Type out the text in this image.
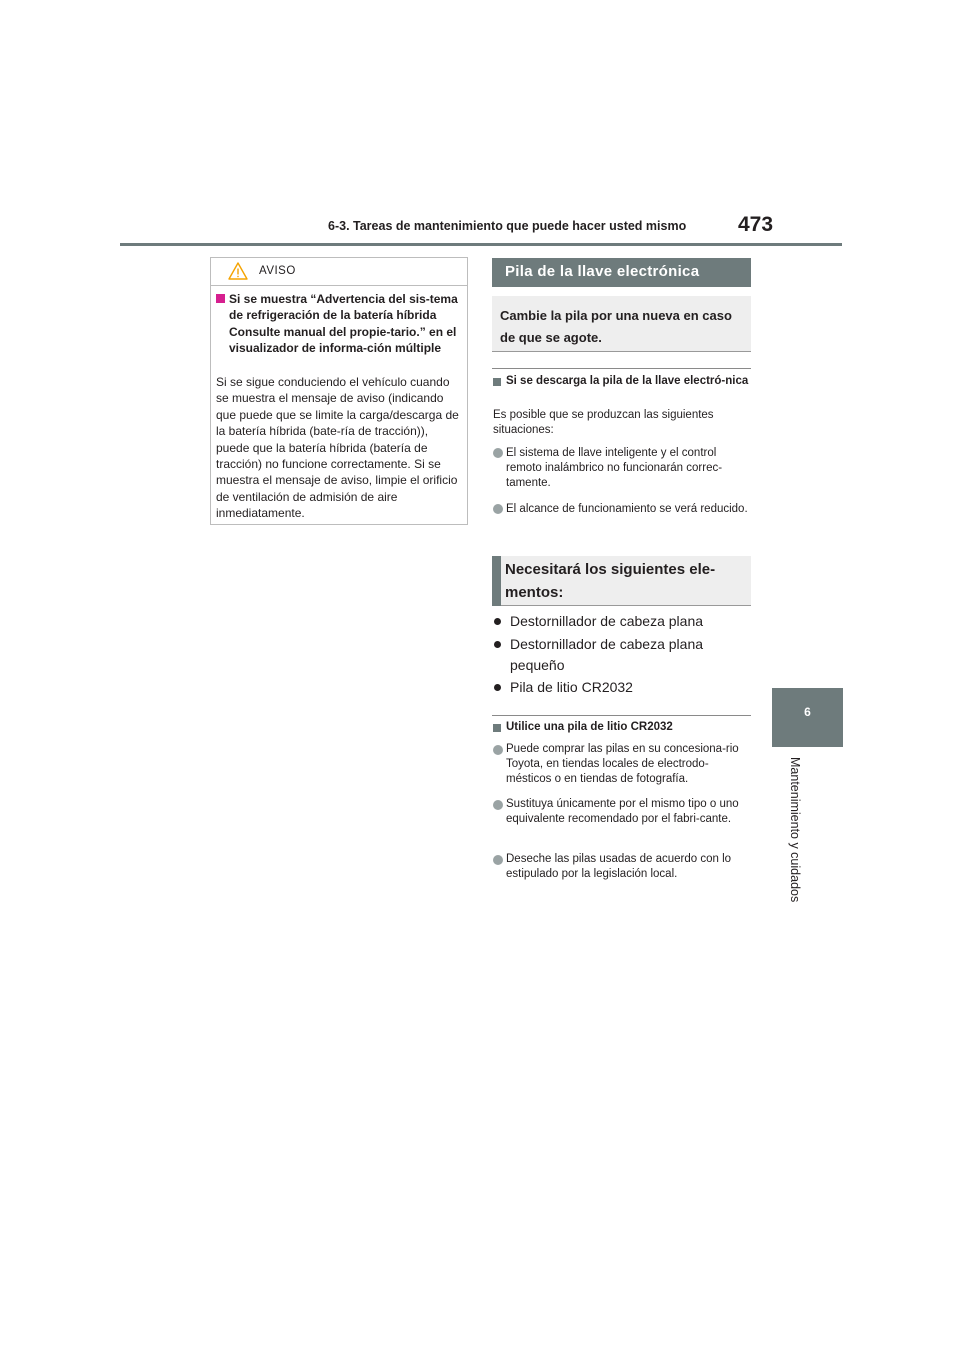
6-3. Tareas de mantenimiento que puede hacer usted mismo 473
6
Mantenimiento y cuidados
AVISO
Si se muestra “Advertencia del sis-tema de refrigeración de la batería híbrida Consulte manual del propie-tario.” en el visualizador de informa-ción múltiple
Si se sigue conduciendo el vehículo cuando se muestra el mensaje de aviso (indicando que puede que se limite la carga/descarga de la batería híbrida (bate-ría de tracción)), puede que la batería híbrida (batería de tracción) no funcione correctamente. Si se muestra el mensaje de aviso, limpie el orificio de ventilación de admisión de aire inmediatamente.
Pila de la llave electrónica
Cambie la pila por una nueva en caso de que se agote.
Si se descarga la pila de la llave electró-nica
Es posible que se produzcan las siguientes situaciones:
El sistema de llave inteligente y el control remoto inalámbrico no funcionarán correc-tamente.
El alcance de funcionamiento se verá reducido.
Necesitará los siguientes ele-mentos:
Destornillador de cabeza plana
Destornillador de cabeza plana pequeño
Pila de litio CR2032
Utilice una pila de litio CR2032
Puede comprar las pilas en su concesiona-rio Toyota, en tiendas locales de electrodo-mésticos o en tiendas de fotografía.
Sustituya únicamente por el mismo tipo o uno equivalente recomendado por el fabri-cante.
Deseche las pilas usadas de acuerdo con lo estipulado por la legislación local.
